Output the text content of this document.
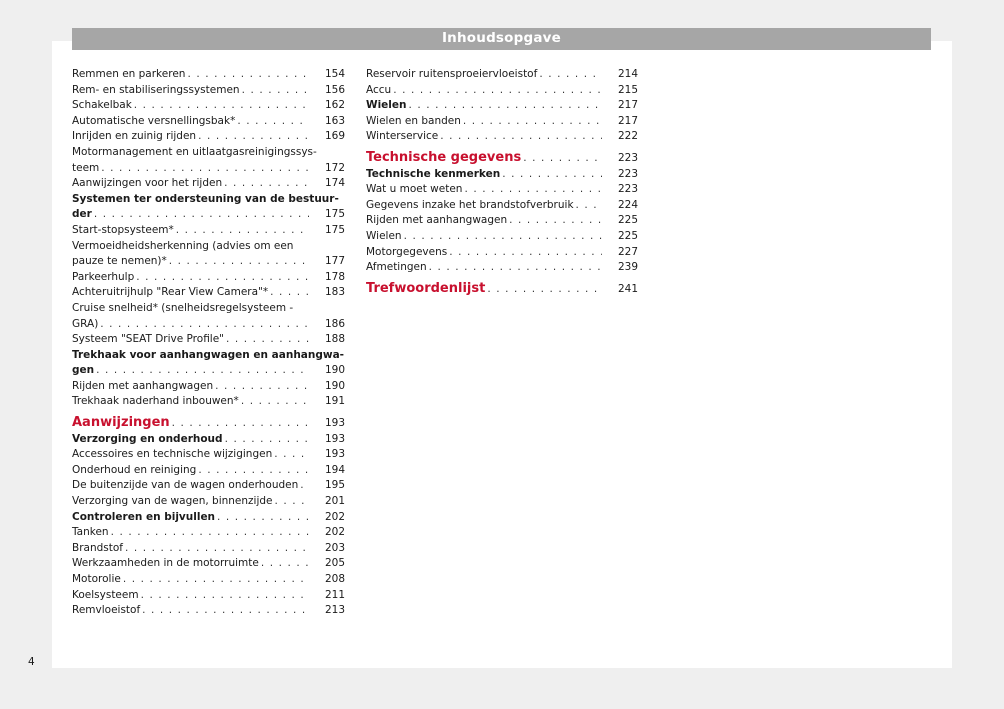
Inhoudsopgave
Remmen en parkeren . . .	154
Rem- en stabiliseringssystemen . . .	156
Schakelbak . . .	162
Automatische versnellingsbak* . . .	163
Inrijden en zuinig rijden . . .	169
Motormanagement en uitlaatgasreinigingssys-
teem . . .	172
Aanwijzingen voor het rijden . . .	174
Systemen ter ondersteuning van de bestuur-
der . . .	175
Start-stopsysteem* . . .	175
Vermoeidheidsherkenning (advies om een
pauze te nemen)* . . .	177
Parkeerhulp . . .	178
Achteruitrijhulp "Rear View Camera"* . . .	183
Cruise snelheid* (snelheidsregelsysteem -
GRA) . . .	186
Systeem "SEAT Drive Profile" . . .	188
Trekhaak voor aanhangwagen en aanhangwa-
gen . . .	190
Rijden met aanhangwagen . . .	190
Trekhaak naderhand inbouwen* . . .	191
Aanwijzingen . . .	193
Verzorging en onderhoud . . .	193
Accessoires en technische wijzigingen . . .	193
Onderhoud en reiniging . . .	194
De buitenzijde van de wagen onderhouden . . .	195
Verzorging van de wagen, binnenzijde . . .	201
Controleren en bijvullen . . .	202
Tanken . . .	202
Brandstof . . .	203
Werkzaamheden in de motorruimte . . .	205
Motorolie . . .	208
Koelsysteem . . .	211
Remvloeistof . . .	213
Reservoir ruitensproeiervloeistof . . .	214
Accu . . .	215
Wielen . . .	217
Wielen en banden . . .	217
Winterservice . . .	222
Technische gegevens . . .	223
Technische kenmerken . . .	223
Wat u moet weten . . .	223
Gegevens inzake het brandstofverbruik . . .	224
Rijden met aanhangwagen . . .	225
Wielen . . .	225
Motorgegevens . . .	227
Afmetingen . . .	239
Trefwoordenlijst . . .	241
4
